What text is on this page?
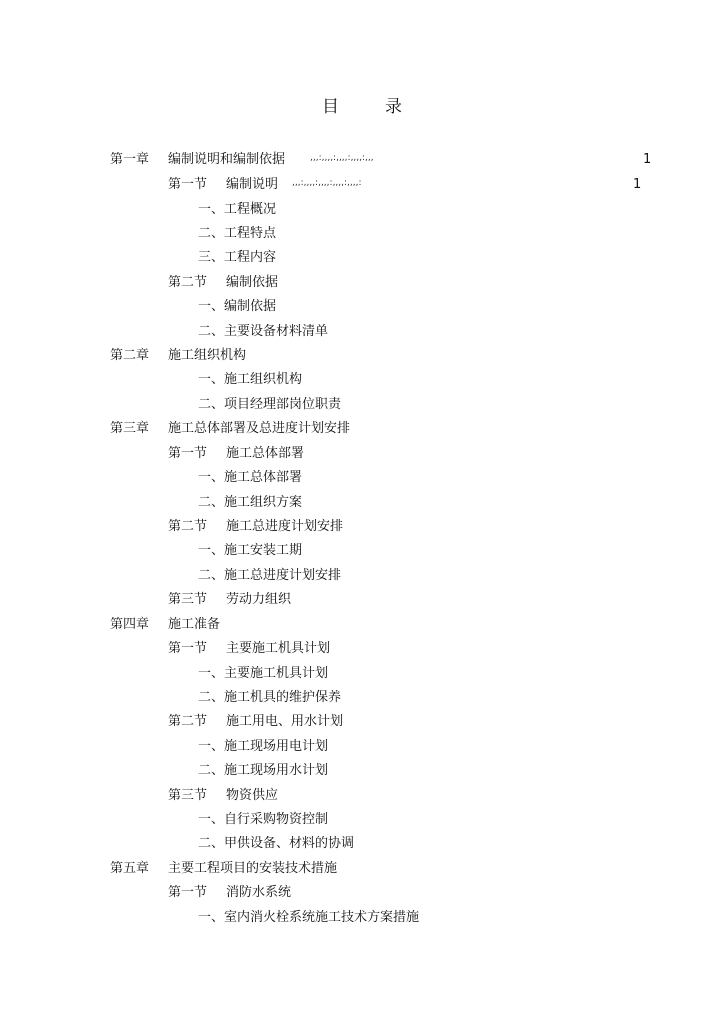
目	录
第一章 编制说明和编制依据	,,,:,,,,:,,,,:,,,,:,,,	1
第一节 编制说明 ,,,:,,,,:,,,,:,,,,:,,,,:	1
一、工程概况
二、工程特点
三、工程内容
第二节 编制依据
一、编制依据
二、主要设备材料清单
第二章 施工组织机构
一、施工组织机构
二、项目经理部岗位职责
第三章 施工总体部署及总进度计划安排
第一节 施工总体部署
一、施工总体部署
二、施工组织方案
第二节 施工总进度计划安排
一、施工安装工期
二、施工总进度计划安排
第三节 劳动力组织
第四章 施工准备
第一节 主要施工机具计划
一、主要施工机具计划
二、施工机具的维护保养
第二节 施工用电、用水计划
一、施工现场用电计划
二、施工现场用水计划
第三节 物资供应
一、自行采购物资控制
二、甲供设备、材料的协调
第五章 主要工程项目的安装技术措施
第一节 消防水系统
一、室内消火栓系统施工技术方案措施
